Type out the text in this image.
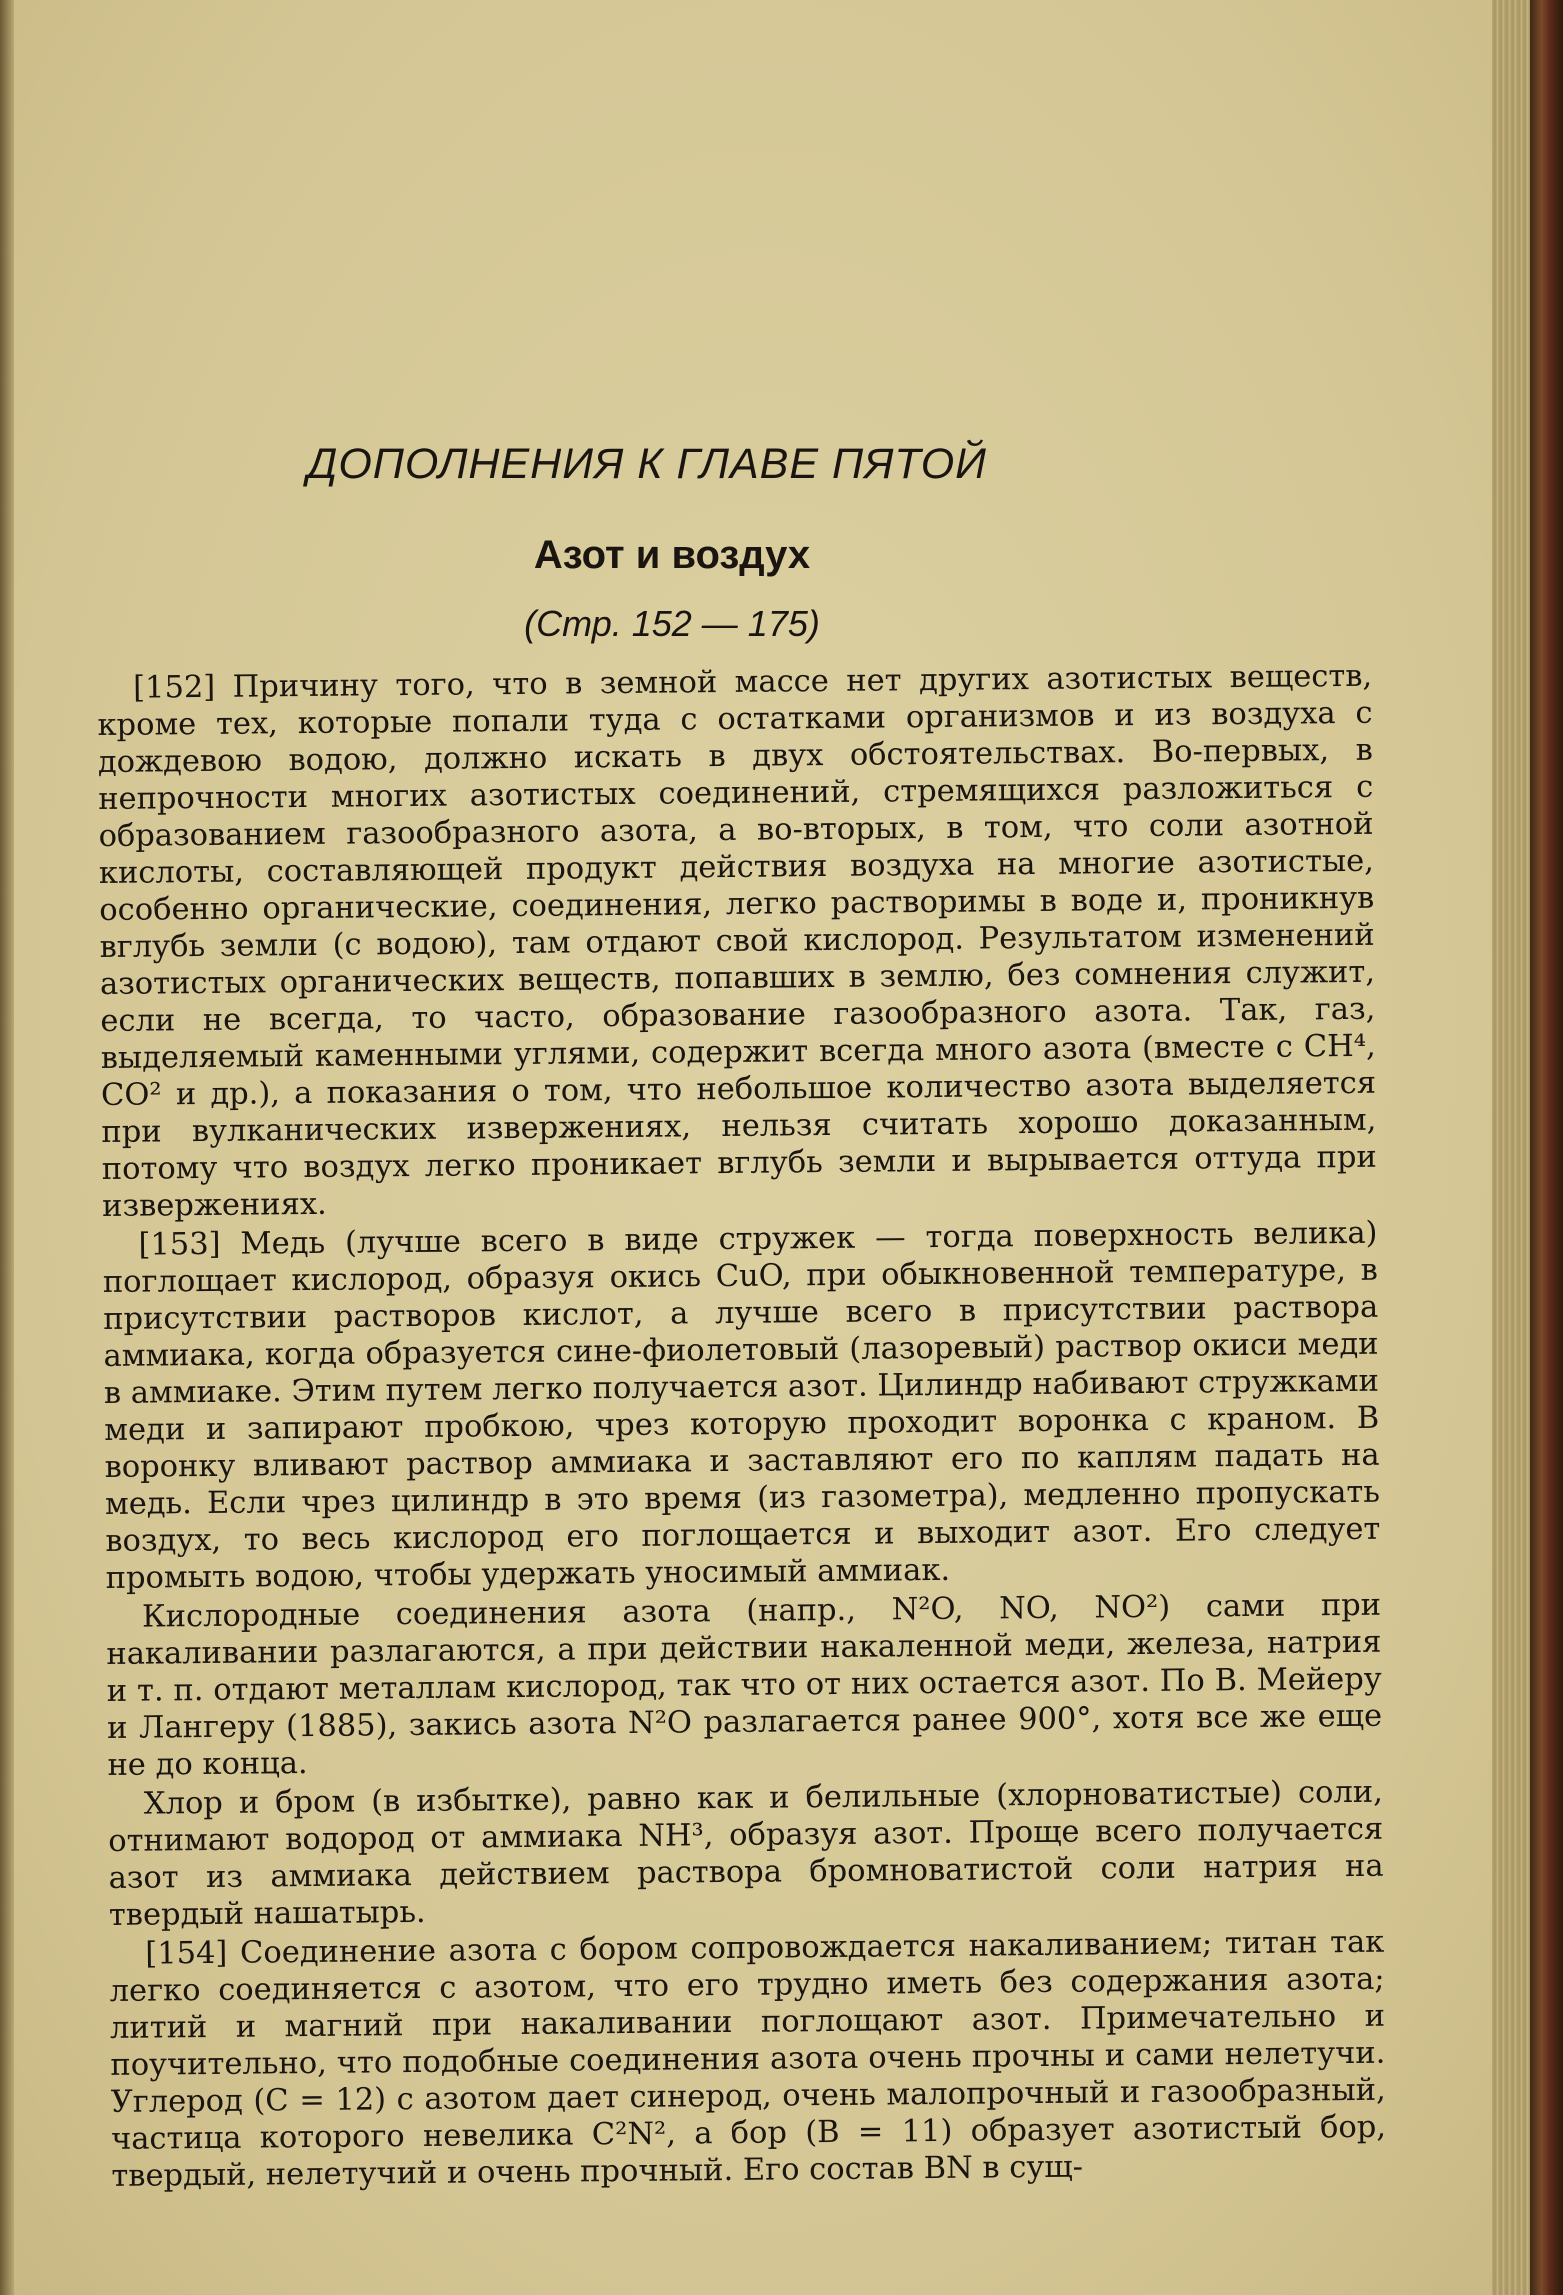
ДОПОЛНЕНИЯ К ГЛАВЕ ПЯТОЙ
Азот и воздух
(Стр. 152 — 175)

[152] Причину того, что в земной массе нет других азотистых веществ, кроме тех, которые попали туда с остатками организмов и из воздуха с дождевою водою, должно искать в двух обстоятельствах. Во-первых, в непрочности многих азотистых соединений, стремящихся разложиться с образованием газообразного азота, а во-вторых, в том, что соли азотной кислоты, составляющей продукт действия воздуха на многие азотистые, особенно органические, соединения, легко растворимы в воде и, проникнув вглубь земли (с водою), там отдают свой кислород. Результатом изменений азотистых органических веществ, попавших в землю, без сомнения служит, если не всегда, то часто, образование газообразного азота. Так, газ, выделяемый каменными углями, содержит всегда много азота (вместе с CH⁴, CO² и др.), а показания о том, что небольшое количество азота выделяется при вулканических извержениях, нельзя считать хорошо доказанным, потому что воздух легко проникает вглубь земли и вырывается оттуда при извержениях.

[153] Медь (лучше всего в виде стружек — тогда поверхность велика) поглощает кислород, образуя окись CuO, при обыкновенной температуре, в присутствии растворов кислот, а лучше всего в присутствии раствора аммиака, когда образуется сине-фиолетовый (лазоревый) раствор окиси меди в аммиаке. Этим путем легко получается азот. Цилиндр набивают стружками меди и запирают пробкою, чрез которую проходит воронка с краном. В воронку вливают раствор аммиака и заставляют его по каплям падать на медь. Если чрез цилиндр в это время (из газометра), медленно пропускать воздух, то весь кислород его поглощается и выходит азот. Его следует промыть водою, чтобы удержать уносимый аммиак.

Кислородные соединения азота (напр., N²O, NO, NO²) сами при накаливании разлагаются, а при действии накаленной меди, железа, натрия и т. п. отдают металлам кислород, так что от них остается азот. По В. Мейеру и Лангеру (1885), закись азота N²O разлагается ранее 900°, хотя все же еще не до конца.

Хлор и бром (в избытке), равно как и белильные (хлорноватистые) соли, отнимают водород от аммиака NH³, образуя азот. Проще всего получается азот из аммиака действием раствора бромноватистой соли натрия на твердый нашатырь.

[154] Соединение азота с бором сопровождается накаливанием; титан так легко соединяется с азотом, что его трудно иметь без содержания азота; литий и магний при накаливании поглощают азот. Примечательно и поучительно, что подобные соединения азота очень прочны и сами нелетучи. Углерод (C = 12) с азотом дает синерод, очень малопрочный и газообразный, частица которого невелика C²N², а бор (B = 11) образует азотистый бор, твердый, нелетучий и очень прочный. Его состав BN в сущ-
